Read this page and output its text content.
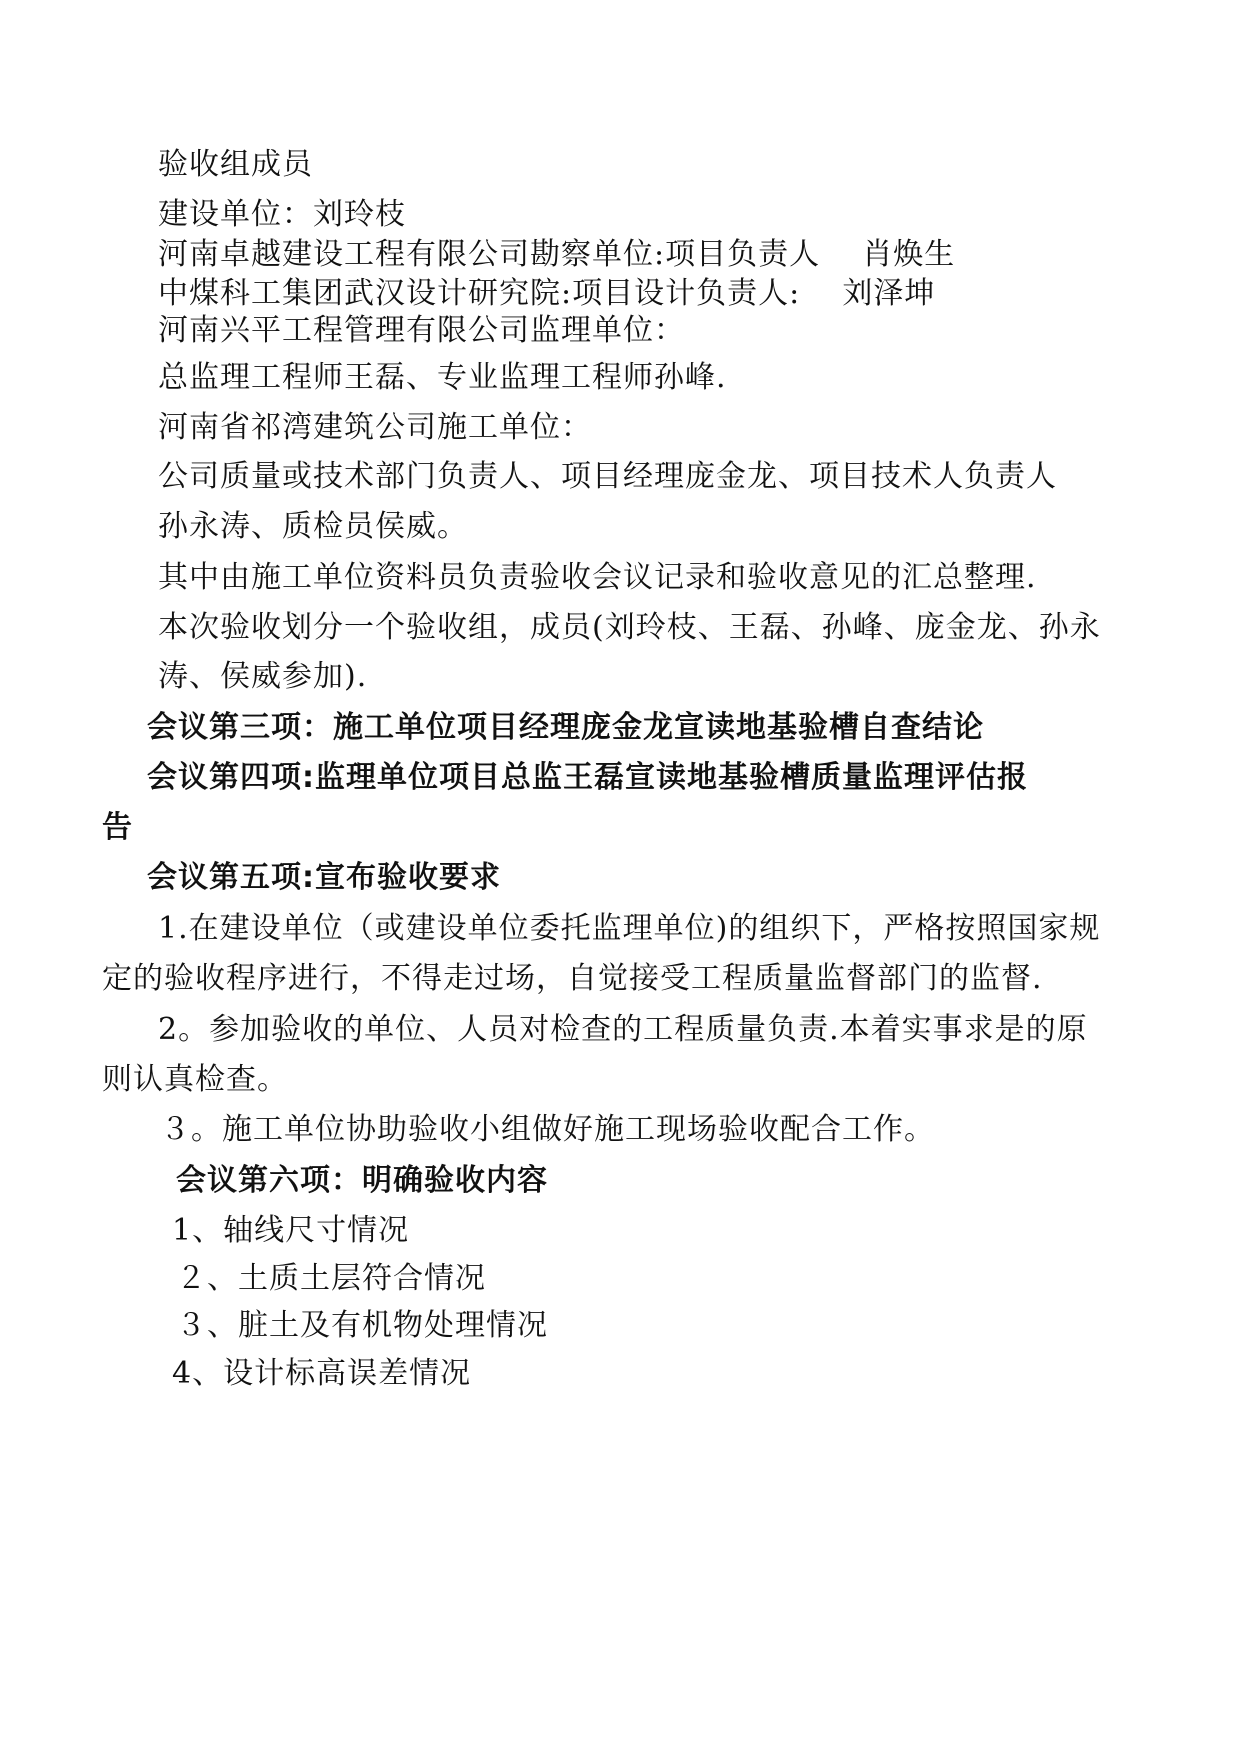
验收组成员
建设单位：刘玲枝
河南卓越建设工程有限公司勘察单位:项目负责人    肖焕生
中煤科工集团武汉设计研究院:项目设计负责人:    刘泽坤
河南兴平工程管理有限公司监理单位：
总监理工程师王磊、专业监理工程师孙峰.
河南省祁湾建筑公司施工单位：
公司质量或技术部门负责人、项目经理庞金龙、项目技术人负责人
孙永涛、质检员侯威。
其中由施工单位资料员负责验收会议记录和验收意见的汇总整理.
本次验收划分一个验收组，成员(刘玲枝、王磊、孙峰、庞金龙、孙永
涛、侯威参加).
会议第三项：施工单位项目经理庞金龙宣读地基验槽自查结论
会议第四项:监理单位项目总监王磊宣读地基验槽质量监理评估报
告
会议第五项:宣布验收要求
1.在建设单位（或建设单位委托监理单位)的组织下，严格按照国家规
定的验收程序进行，不得走过场，自觉接受工程质量监督部门的监督.
2。参加验收的单位、人员对检查的工程质量负责.本着实事求是的原
则认真检查。
３。施工单位协助验收小组做好施工现场验收配合工作。
会议第六项：明确验收内容
1、轴线尺寸情况
２、土质土层符合情况
３、脏土及有机物处理情况
4、设计标高误差情况
